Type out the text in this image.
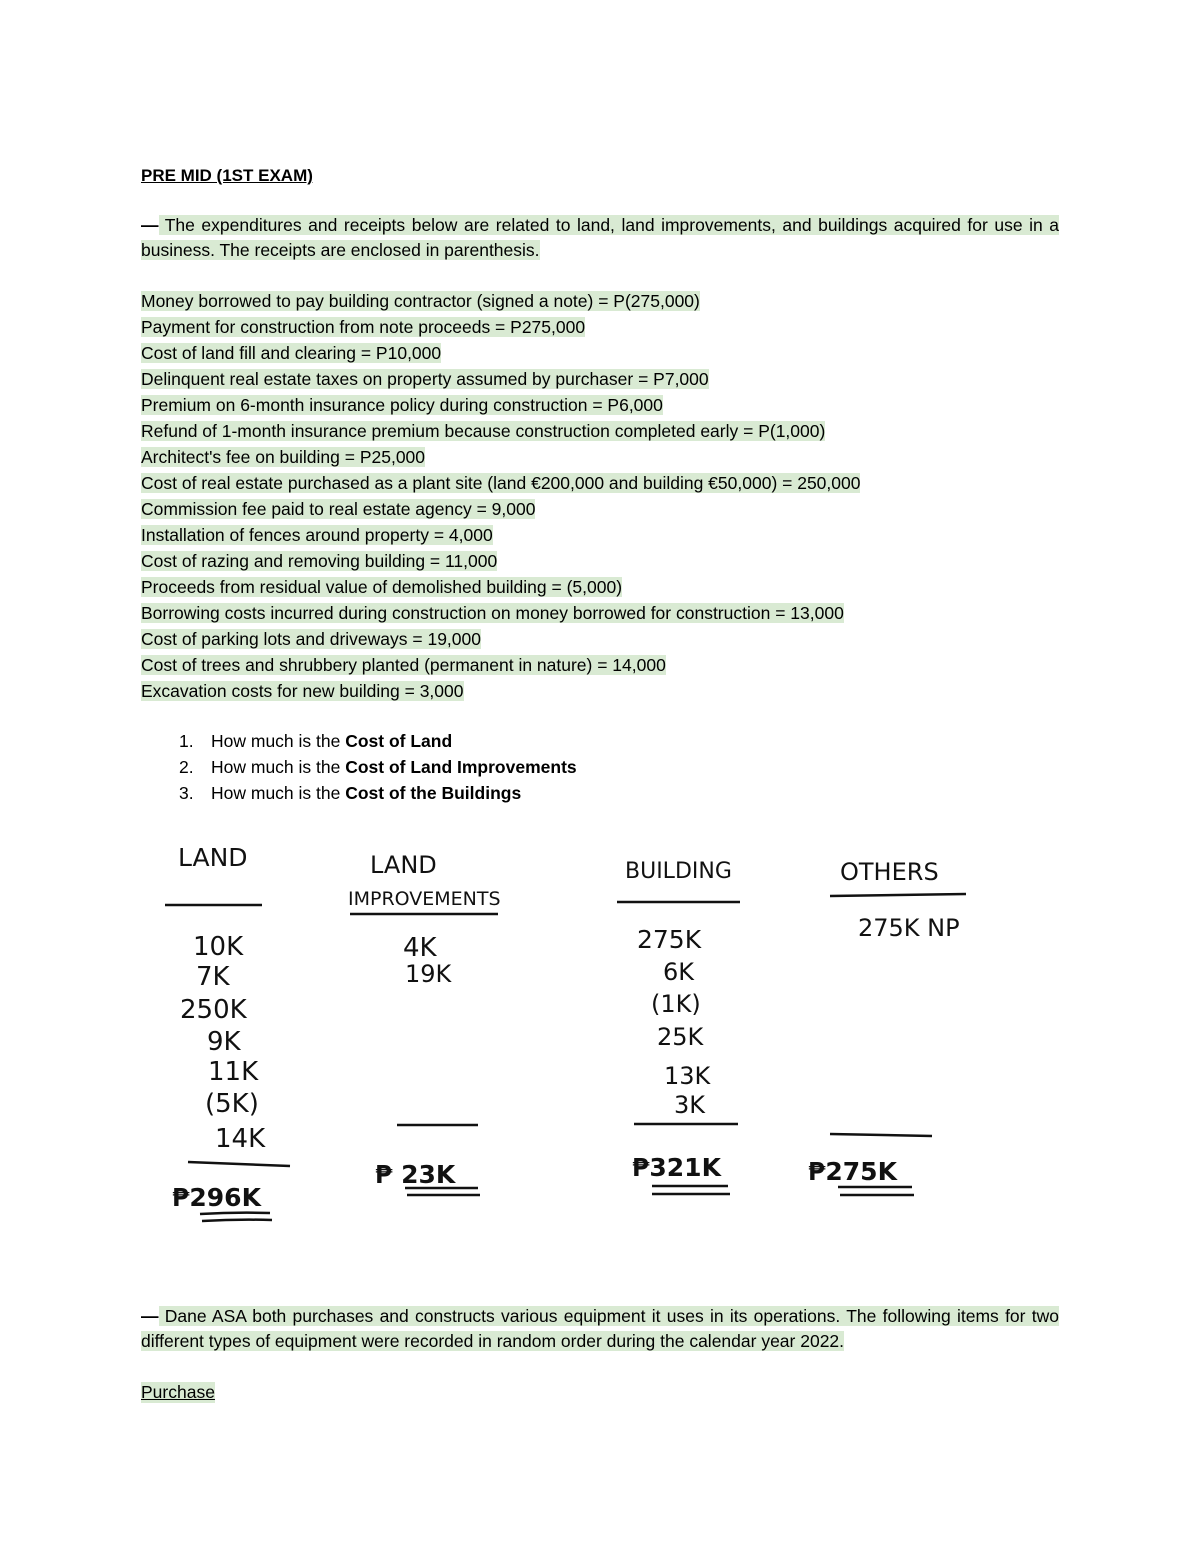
PRE MID (1ST EXAM)
— The expenditures and receipts below are related to land, land improvements, and buildings acquired for use in a business. The receipts are enclosed in parenthesis.
Money borrowed to pay building contractor (signed a note) = P(275,000)
Payment for construction from note proceeds = P275,000
Cost of land fill and clearing = P10,000
Delinquent real estate taxes on property assumed by purchaser = P7,000
Premium on 6-month insurance policy during construction = P6,000
Refund of 1-month insurance premium because construction completed early = P(1,000)
Architect's fee on building = P25,000
Cost of real estate purchased as a plant site (land €200,000 and building €50,000) = 250,000
Commission fee paid to real estate agency = 9,000
Installation of fences around property = 4,000
Cost of razing and removing building = 11,000
Proceeds from residual value of demolished building = (5,000)
Borrowing costs incurred during construction on money borrowed for construction = 13,000
Cost of parking lots and driveways = 19,000
Cost of trees and shrubbery planted (permanent in nature) = 14,000
Excavation costs for new building = 3,000
1. How much is the Cost of Land
2. How much is the Cost of Land Improvements
3. How much is the Cost of the Buildings
LAND
10K
7K
250K
9K
11K
(5K)
14K
₱296K
LAND
IMPROVEMENTS
4K
19K
₱ 23K
BUILDING
275K
6K
(1K)
25K
13K
3K
₱321K
OTHERS
275K NP
₱275K
— Dane ASA both purchases and constructs various equipment it uses in its operations. The following items for two different types of equipment were recorded in random order during the calendar year 2022.
Purchase
